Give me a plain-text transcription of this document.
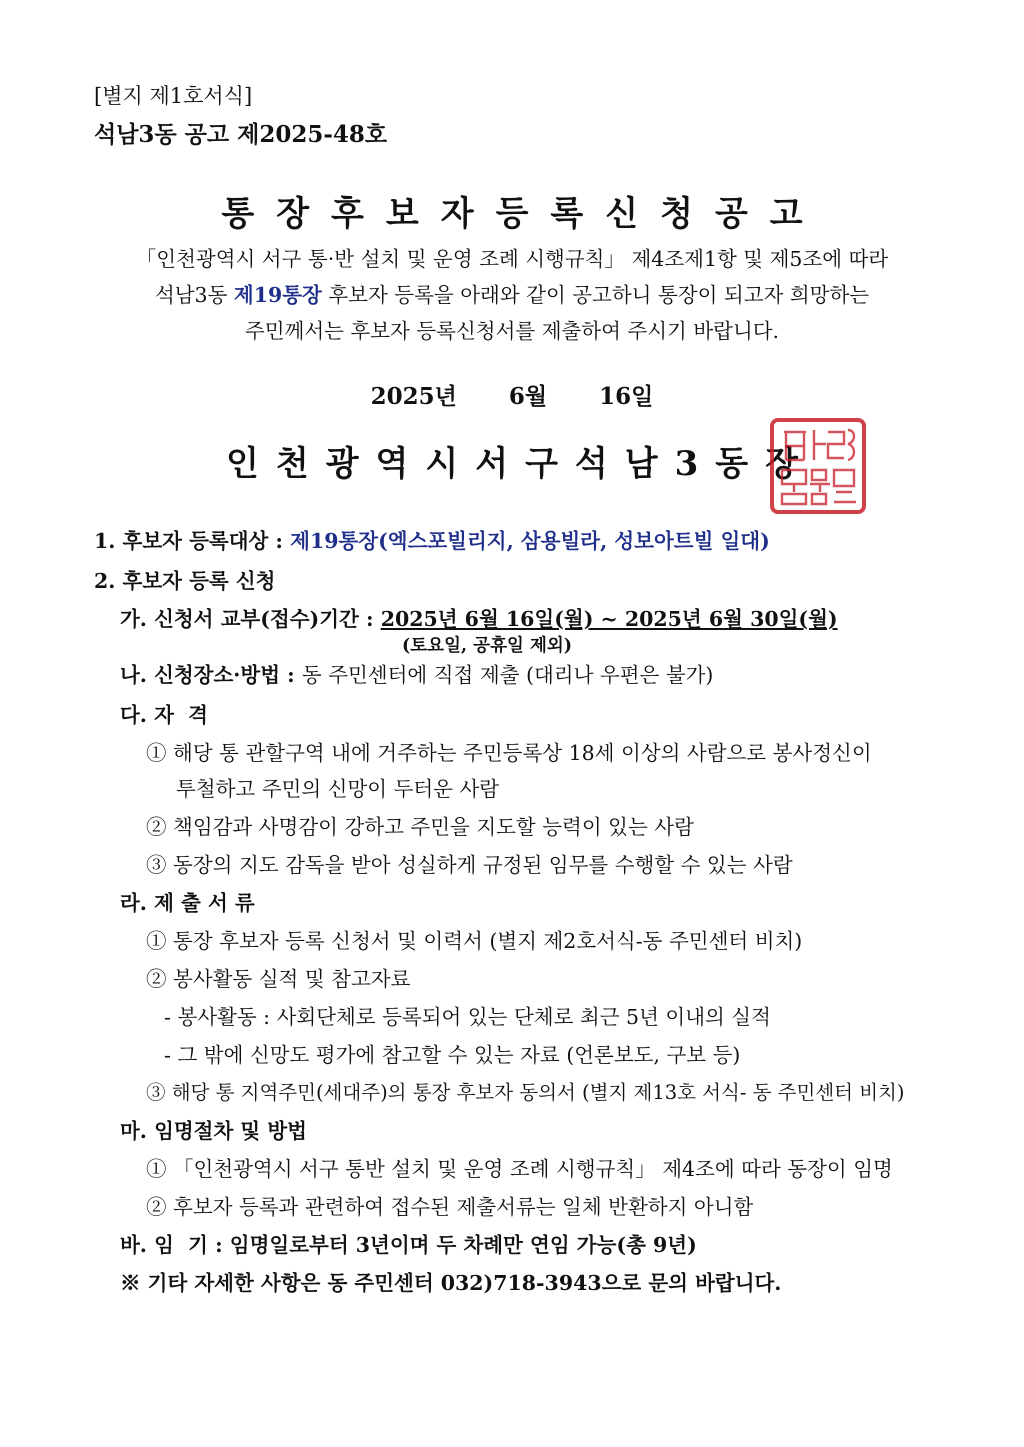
[별지 제1호서식]
석남3동 공고 제2025-48호
통장후보자등록신청공고
「인천광역시 서구 통·반 설치 및 운영 조례 시행규칙」 제4조제1항 및 제5조에 따라
석남3동 제19통장 후보자 등록을 아래와 같이 공고하니 통장이 되고자 희망하는
주민께서는 후보자 등록신청서를 제출하여 주시기 바랍니다.
2025년 6월 16일
인천광역시서구석남3동장
1. 후보자 등록대상 : 제19통장(엑스포빌리지, 삼용빌라, 성보아트빌 일대)
2. 후보자 등록 신청
가. 신청서 교부(접수)기간 : 2025년 6월 16일(월) ~ 2025년 6월 30일(월)
(토요일, 공휴일 제외)
나. 신청장소·방법 : 동 주민센터에 직접 제출 (대리나 우편은 불가)
다. 자  격
① 해당 통 관할구역 내에 거주하는 주민등록상 18세 이상의 사람으로 봉사정신이
투철하고 주민의 신망이 두터운 사람
② 책임감과 사명감이 강하고 주민을 지도할 능력이 있는 사람
③ 동장의 지도 감독을 받아 성실하게 규정된 임무를 수행할 수 있는 사람
라. 제 출 서 류
① 통장 후보자 등록 신청서 및 이력서 (별지 제2호서식-동 주민센터 비치)
② 봉사활동 실적 및 참고자료
- 봉사활동 : 사회단체로 등록되어 있는 단체로 최근 5년 이내의 실적
- 그 밖에 신망도 평가에 참고할 수 있는 자료 (언론보도, 구보 등)
③ 해당 통 지역주민(세대주)의 통장 후보자 동의서 (별지 제13호 서식- 동 주민센터 비치)
마. 임명절차 및 방법
① 「인천광역시 서구 통반 설치 및 운영 조례 시행규칙」 제4조에 따라 동장이 임명
② 후보자 등록과 관련하여 접수된 제출서류는 일체 반환하지 아니함
바. 임  기 : 임명일로부터 3년이며 두 차례만 연임 가능(총 9년)
※ 기타 자세한 사항은 동 주민센터 032)718-3943으로 문의 바랍니다.
